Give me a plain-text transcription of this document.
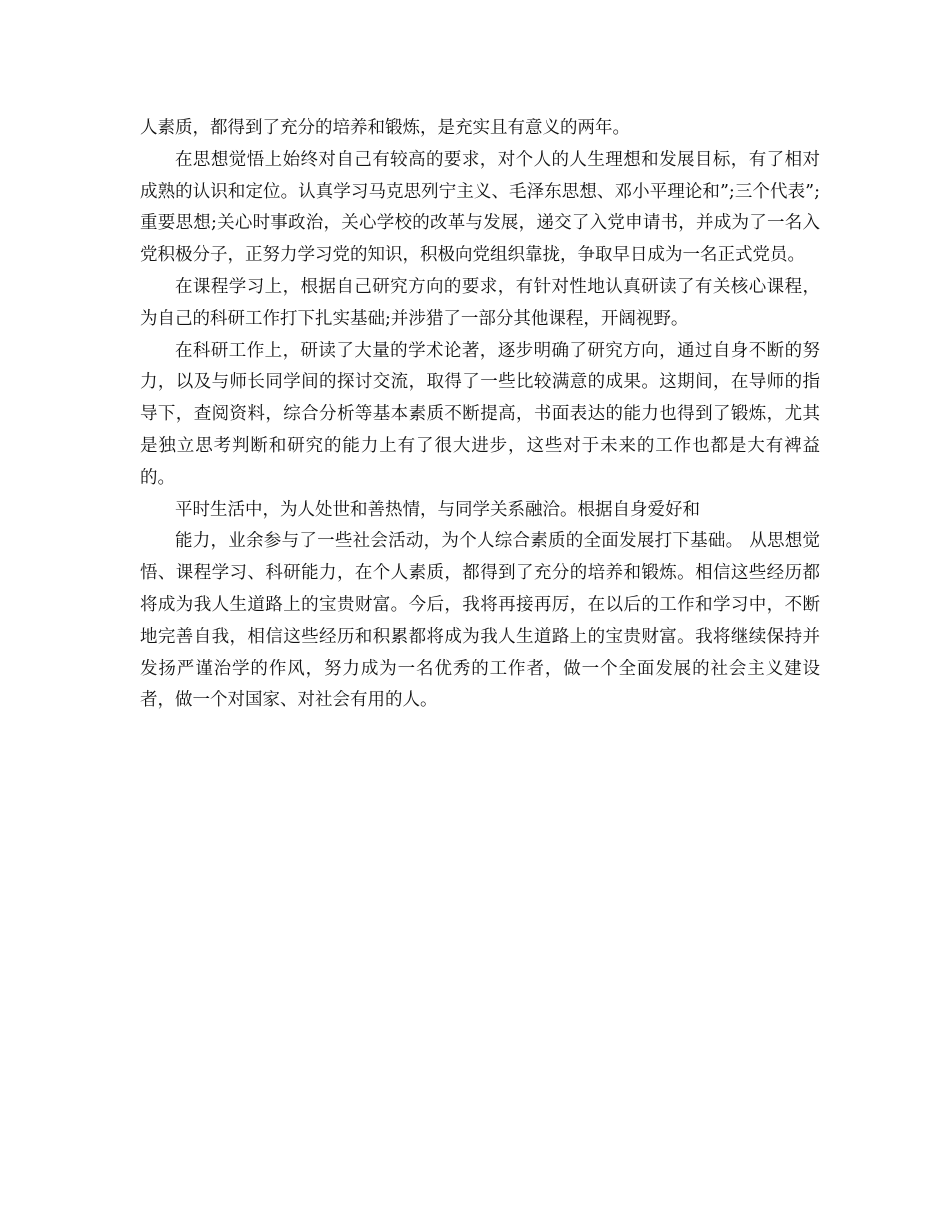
人素质，都得到了充分的培养和锻炼，是充实且有意义的两年。

在思想觉悟上始终对自己有较高的要求，对个人的人生理想和发展目标，有了相对成熟的认识和定位。认真学习马克思列宁主义、毛泽东思想、邓小平理论和”;三个代表”;重要思想;关心时事政治，关心学校的改革与发展，递交了入党申请书，并成为了一名入党积极分子，正努力学习党的知识，积极向党组织靠拢，争取早日成为一名正式党员。

在课程学习上，根据自己研究方向的要求，有针对性地认真研读了有关核心课程，为自己的科研工作打下扎实基础;并涉猎了一部分其他课程，开阔视野。

在科研工作上，研读了大量的学术论著，逐步明确了研究方向，通过自身不断的努力，以及与师长同学间的探讨交流，取得了一些比较满意的成果。这期间，在导师的指导下，查阅资料，综合分析等基本素质不断提高，书面表达的能力也得到了锻炼，尤其是独立思考判断和研究的能力上有了很大进步，这些对于未来的工作也都是大有裨益的。

平时生活中，为人处世和善热情，与同学关系融洽。根据自身爱好和

能力，业余参与了一些社会活动，为个人综合素质的全面发展打下基础。 从思想觉悟、课程学习、科研能力，在个人素质，都得到了充分的培养和锻炼。相信这些经历都将成为我人生道路上的宝贵财富。今后，我将再接再厉，在以后的工作和学习中，不断地完善自我，相信这些经历和积累都将成为我人生道路上的宝贵财富。我将继续保持并发扬严谨治学的作风，努力成为一名优秀的工作者，做一个全面发展的社会主义建设者，做一个对国家、对社会有用的人。
